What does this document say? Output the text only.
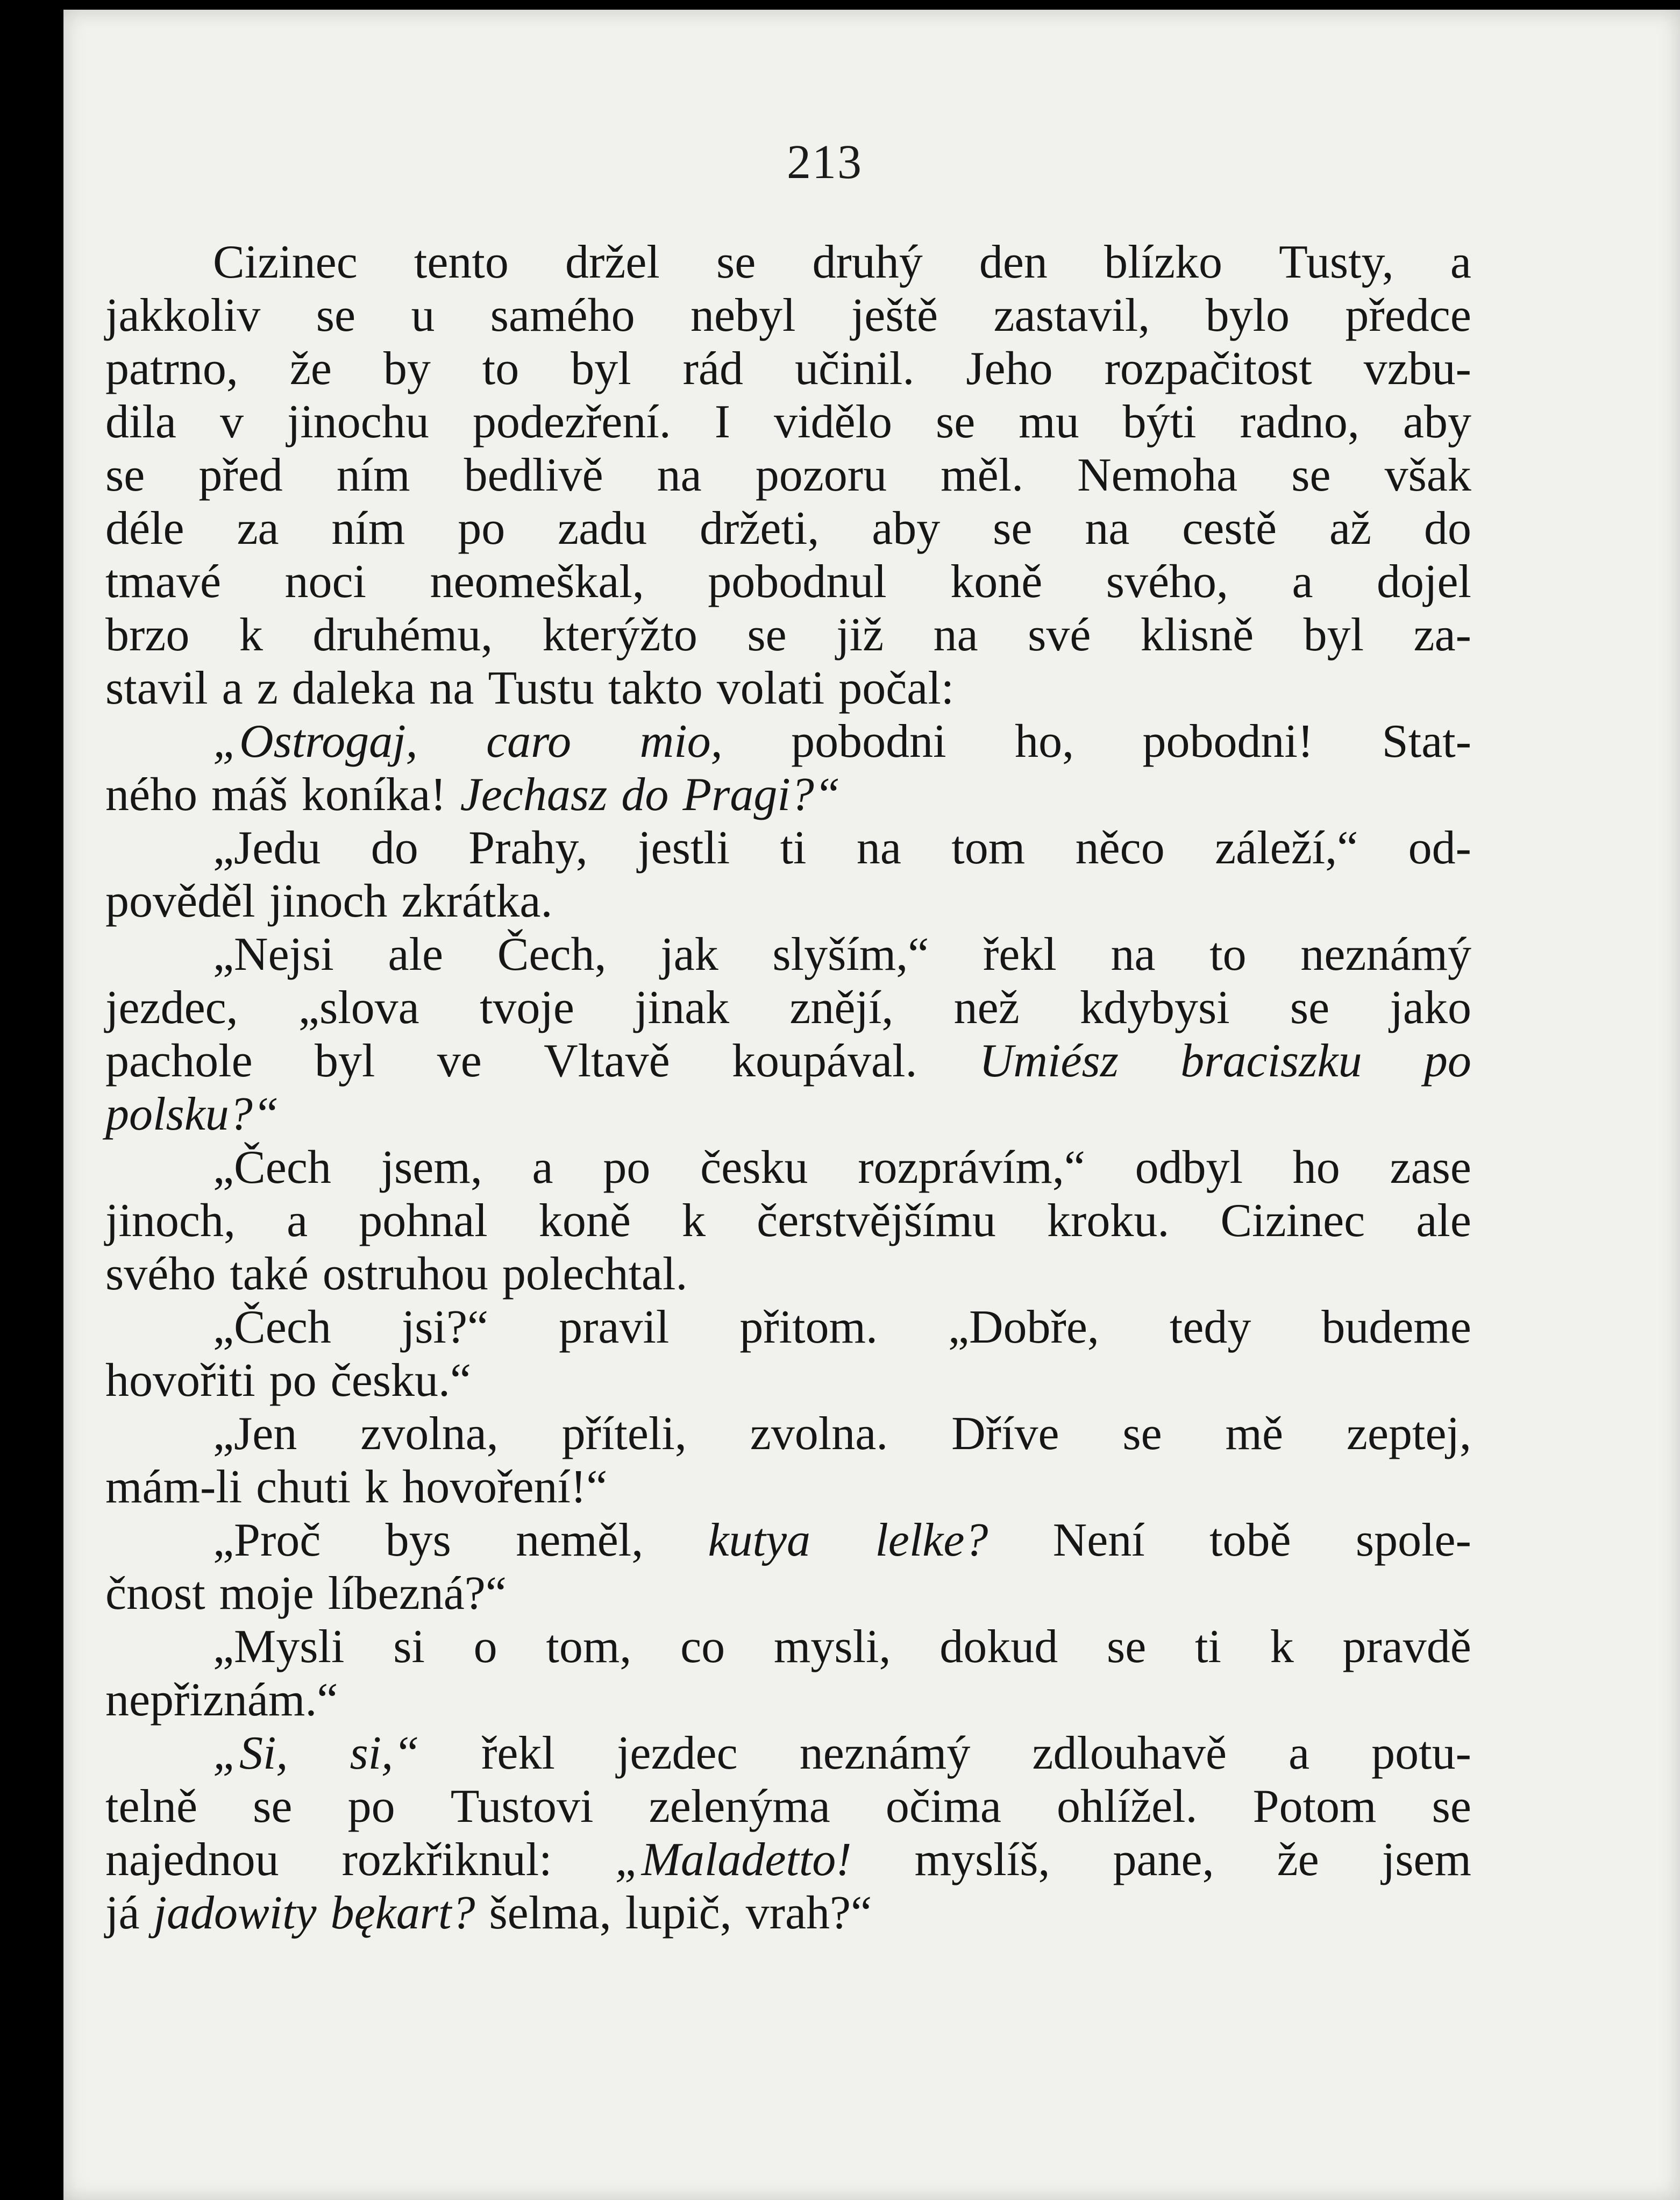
213
Cizinec tento držel se druhý den blízko Tusty, a
jakkoliv se u samého nebyl ještě zastavil, bylo předce
patrno, že by to byl rád učinil. Jeho rozpačitost vzbu-
dila v jinochu podezření. I vidělo se mu býti radno, aby
se před ním bedlivě na pozoru měl. Nemoha se však
déle za ním po zadu držeti, aby se na cestě až do
tmavé noci neomeškal, pobodnul koně svého, a dojel
brzo k druhému, kterýžto se již na své klisně byl za-
stavil a z daleka na Tustu takto volati počal:
„Ostrogaj, caro mio, pobodni ho, pobodni! Stat-
ného máš koníka! Jechasz do Pragi?“
„Jedu do Prahy, jestli ti na tom něco záleží,“ od-
pověděl jinoch zkrátka.
„Nejsi ale Čech, jak slyším,“ řekl na to neznámý
jezdec, „slova tvoje jinak znějí, než kdybysi se jako
pachole byl ve Vltavě koupával. Umiész braciszku po
polsku?“
„Čech jsem, a po česku rozprávím,“ odbyl ho zase
jinoch, a pohnal koně k čerstvějšímu kroku. Cizinec ale
svého také ostruhou polechtal.
„Čech jsi?“ pravil přitom. „Dobře, tedy budeme
hovořiti po česku.“
„Jen zvolna, příteli, zvolna. Dříve se mě zeptej,
mám-li chuti k hovoření!“
„Proč bys neměl, kutya lelke? Není tobě spole-
čnost moje líbezná?“
„Mysli si o tom, co mysli, dokud se ti k pravdě
nepřiznám.“
„Si, si,“ řekl jezdec neznámý zdlouhavě a potu-
telně se po Tustovi zelenýma očima ohlížel. Potom se
najednou rozkřiknul: „Maladetto! myslíš, pane, že jsem
já jadowity bękart? šelma, lupič, vrah?“
